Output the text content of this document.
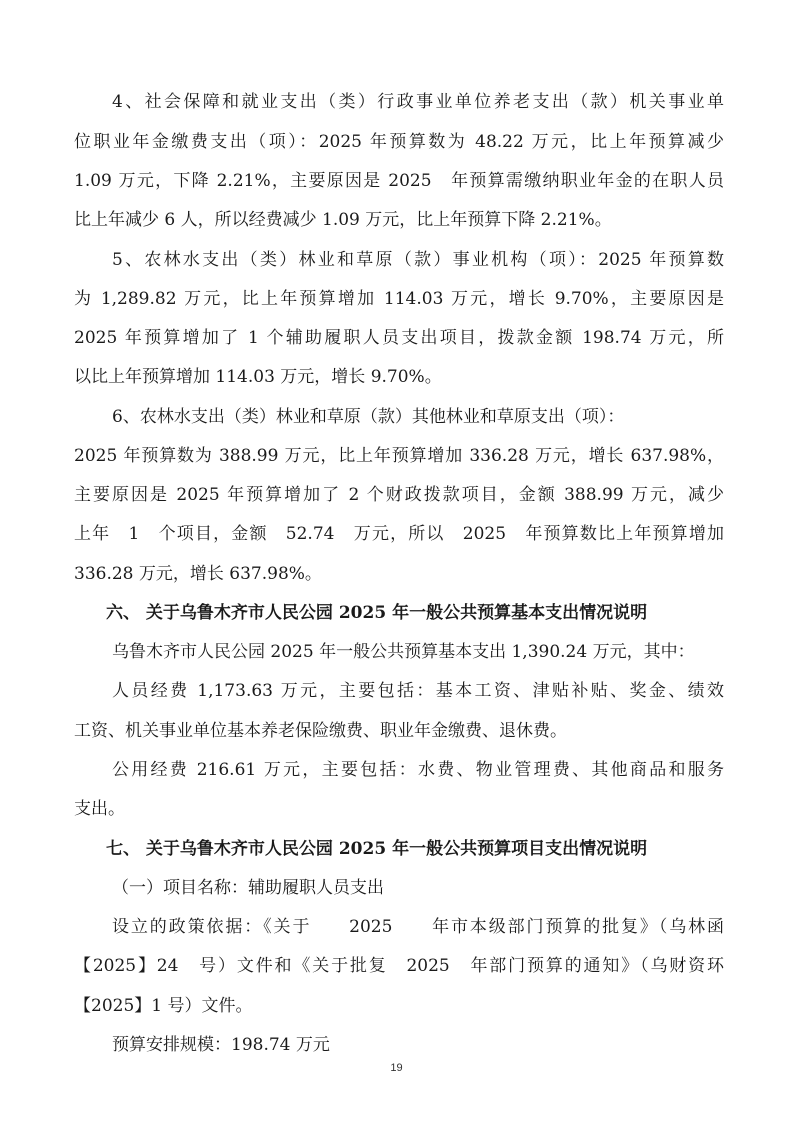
4、社会保障和就业支出（类）行政事业单位养老支出（款）机关事业单
位职业年金缴费支出（项）：2025 年预算数为 48.22 万元，比上年预算减少
1.09 万元，下降 2.21%，主要原因是 2025　年预算需缴纳职业年金的在职人员
比上年减少 6 人，所以经费减少 1.09 万元，比上年预算下降 2.21%。
5、农林水支出（类）林业和草原（款）事业机构（项）：2025 年预算数
为 1,289.82 万元，比上年预算增加 114.03 万元，增长 9.70%，主要原因是
2025 年预算增加了 1 个辅助履职人员支出项目，拨款金额 198.74 万元，所
以比上年预算增加 114.03 万元，增长 9.70%。
6、农林水支出（类）林业和草原（款）其他林业和草原支出（项）：
2025 年预算数为 388.99 万元，比上年预算增加 336.28 万元，增长 637.98%，
主要原因是 2025 年预算增加了 2 个财政拨款项目，金额 388.99 万元，减少
上年　1　个项目，金额　52.74　万元，所以　2025　年预算数比上年预算增加
336.28 万元，增长 637.98%。
六、 关于乌鲁木齐市人民公园 2025 年一般公共预算基本支出情况说明
乌鲁木齐市人民公园 2025 年一般公共预算基本支出 1,390.24 万元，其中：
人员经费 1,173.63 万元，主要包括：基本工资、津贴补贴、奖金、绩效
工资、机关事业单位基本养老保险缴费、职业年金缴费、退休费。
公用经费 216.61 万元，主要包括：水费、物业管理费、其他商品和服务
支出。
七、 关于乌鲁木齐市人民公园 2025 年一般公共预算项目支出情况说明
（一）项目名称：辅助履职人员支出
设立的政策依据：《关于　　2025　　年市本级部门预算的批复》（乌林函
【2025】24　号）文件和《关于批复　2025　年部门预算的通知》（乌财资环
【2025】1 号）文件。
预算安排规模：198.74 万元
19
